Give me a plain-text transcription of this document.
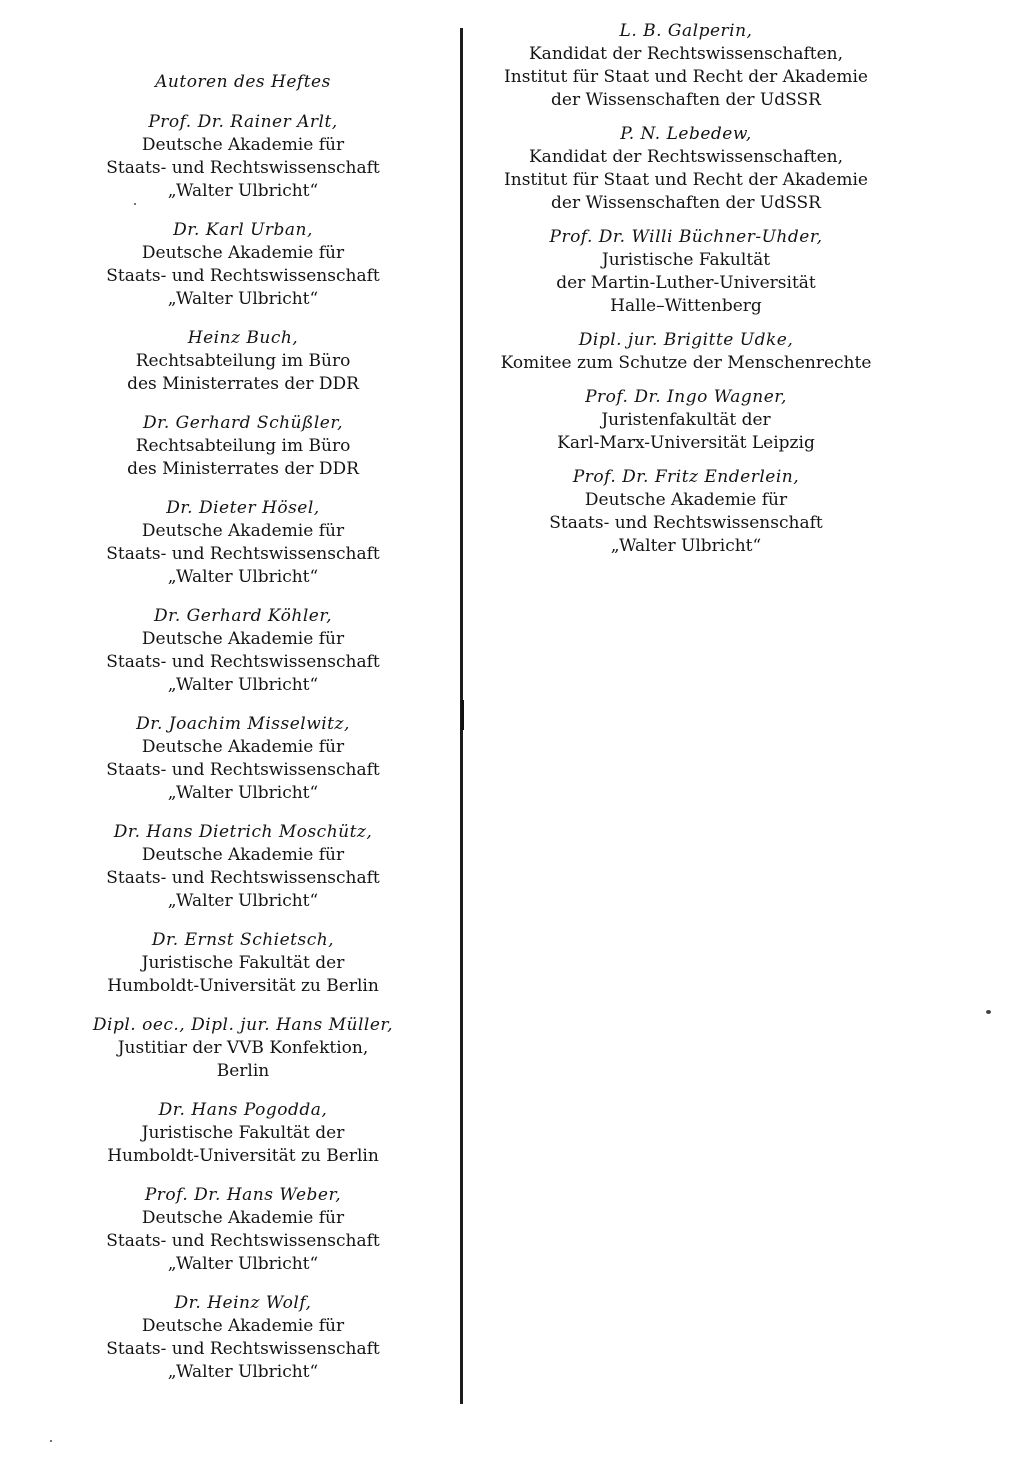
Autoren des Heftes
Prof. Dr. Rainer Arlt,
Deutsche Akademie für
Staats- und Rechtswissenschaft
„Walter Ulbricht“
Dr. Karl Urban,
Deutsche Akademie für
Staats- und Rechtswissenschaft
„Walter Ulbricht“
Heinz Buch,
Rechtsabteilung im Büro
des Ministerrates der DDR
Dr. Gerhard Schüßler,
Rechtsabteilung im Büro
des Ministerrates der DDR
Dr. Dieter Hösel,
Deutsche Akademie für
Staats- und Rechtswissenschaft
„Walter Ulbricht“
Dr. Gerhard Köhler,
Deutsche Akademie für
Staats- und Rechtswissenschaft
„Walter Ulbricht“
Dr. Joachim Misselwitz,
Deutsche Akademie für
Staats- und Rechtswissenschaft
„Walter Ulbricht“
Dr. Hans Dietrich Moschütz,
Deutsche Akademie für
Staats- und Rechtswissenschaft
„Walter Ulbricht“
Dr. Ernst Schietsch,
Juristische Fakultät der
Humboldt-Universität zu Berlin
Dipl. oec., Dipl. jur. Hans Müller,
Justitiar der VVB Konfektion,
Berlin
Dr. Hans Pogodda,
Juristische Fakultät der
Humboldt-Universität zu Berlin
Prof. Dr. Hans Weber,
Deutsche Akademie für
Staats- und Rechtswissenschaft
„Walter Ulbricht“
Dr. Heinz Wolf,
Deutsche Akademie für
Staats- und Rechtswissenschaft
„Walter Ulbricht“
L. B. Galperin,
Kandidat der Rechtswissenschaften,
Institut für Staat und Recht der Akademie
der Wissenschaften der UdSSR
P. N. Lebedew,
Kandidat der Rechtswissenschaften,
Institut für Staat und Recht der Akademie
der Wissenschaften der UdSSR
Prof. Dr. Willi Büchner-Uhder,
Juristische Fakultät
der Martin-Luther-Universität
Halle–Wittenberg
Dipl. jur. Brigitte Udke,
Komitee zum Schutze der Menschenrechte
Prof. Dr. Ingo Wagner,
Juristenfakultät der
Karl-Marx-Universität Leipzig
Prof. Dr. Fritz Enderlein,
Deutsche Akademie für
Staats- und Rechtswissenschaft
„Walter Ulbricht“
